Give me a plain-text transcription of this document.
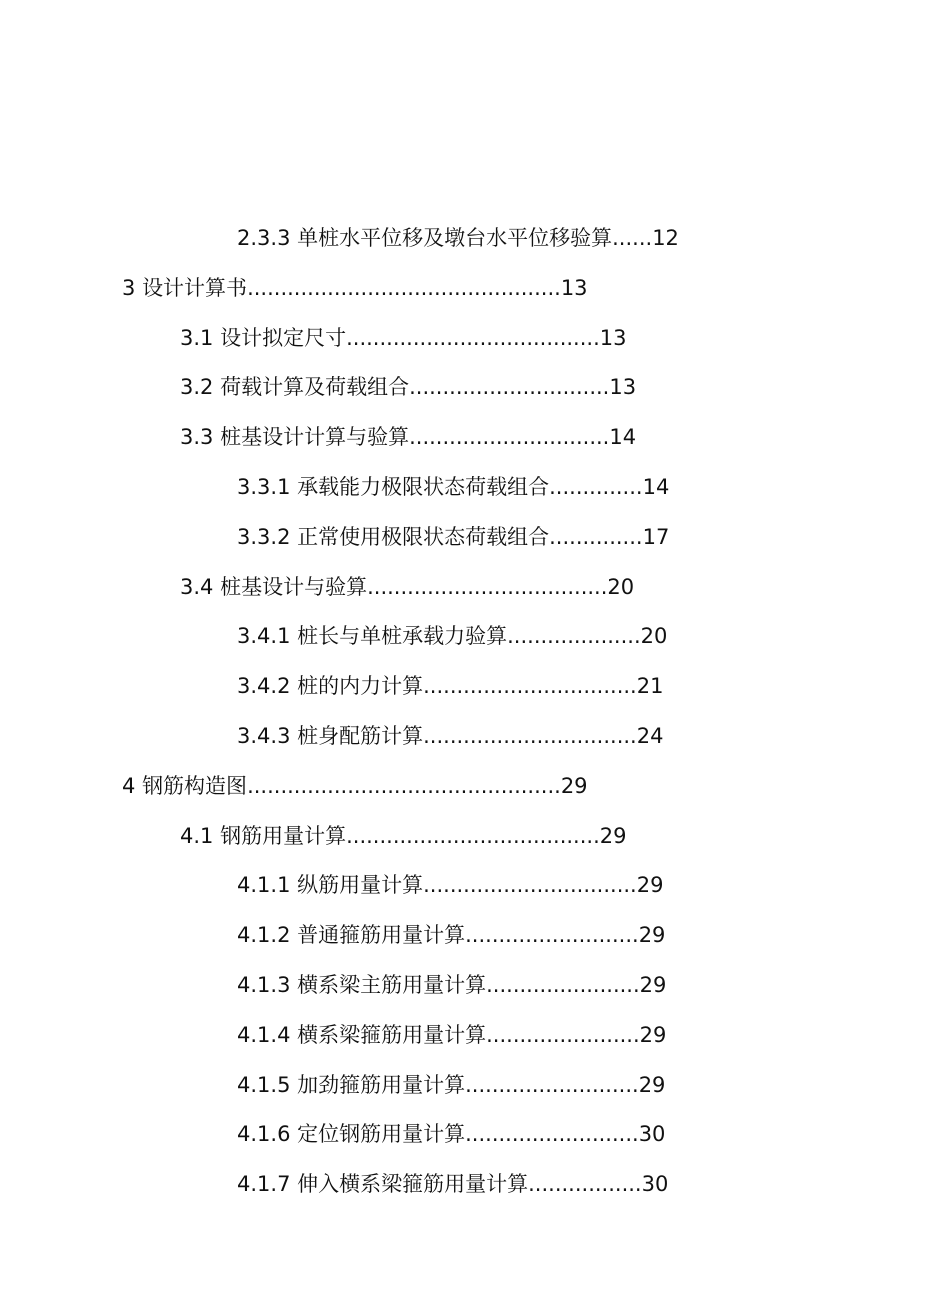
2.3.3 单桩水平位移及墩台水平位移验算......12
3 设计计算书...............................................13
3.1 设计拟定尺寸......................................13
3.2 荷载计算及荷载组合..............................13
3.3 桩基设计计算与验算..............................14
3.3.1 承载能力极限状态荷载组合..............14
3.3.2 正常使用极限状态荷载组合..............17
3.4 桩基设计与验算....................................20
3.4.1 桩长与单桩承载力验算....................20
3.4.2 桩的内力计算................................21
3.4.3 桩身配筋计算................................24
4 钢筋构造图...............................................29
4.1 钢筋用量计算......................................29
4.1.1 纵筋用量计算................................29
4.1.2 普通箍筋用量计算..........................29
4.1.3 横系梁主筋用量计算.......................29
4.1.4 横系梁箍筋用量计算.......................29
4.1.5 加劲箍筋用量计算..........................29
4.1.6 定位钢筋用量计算..........................30
4.1.7 伸入横系梁箍筋用量计算.................30
